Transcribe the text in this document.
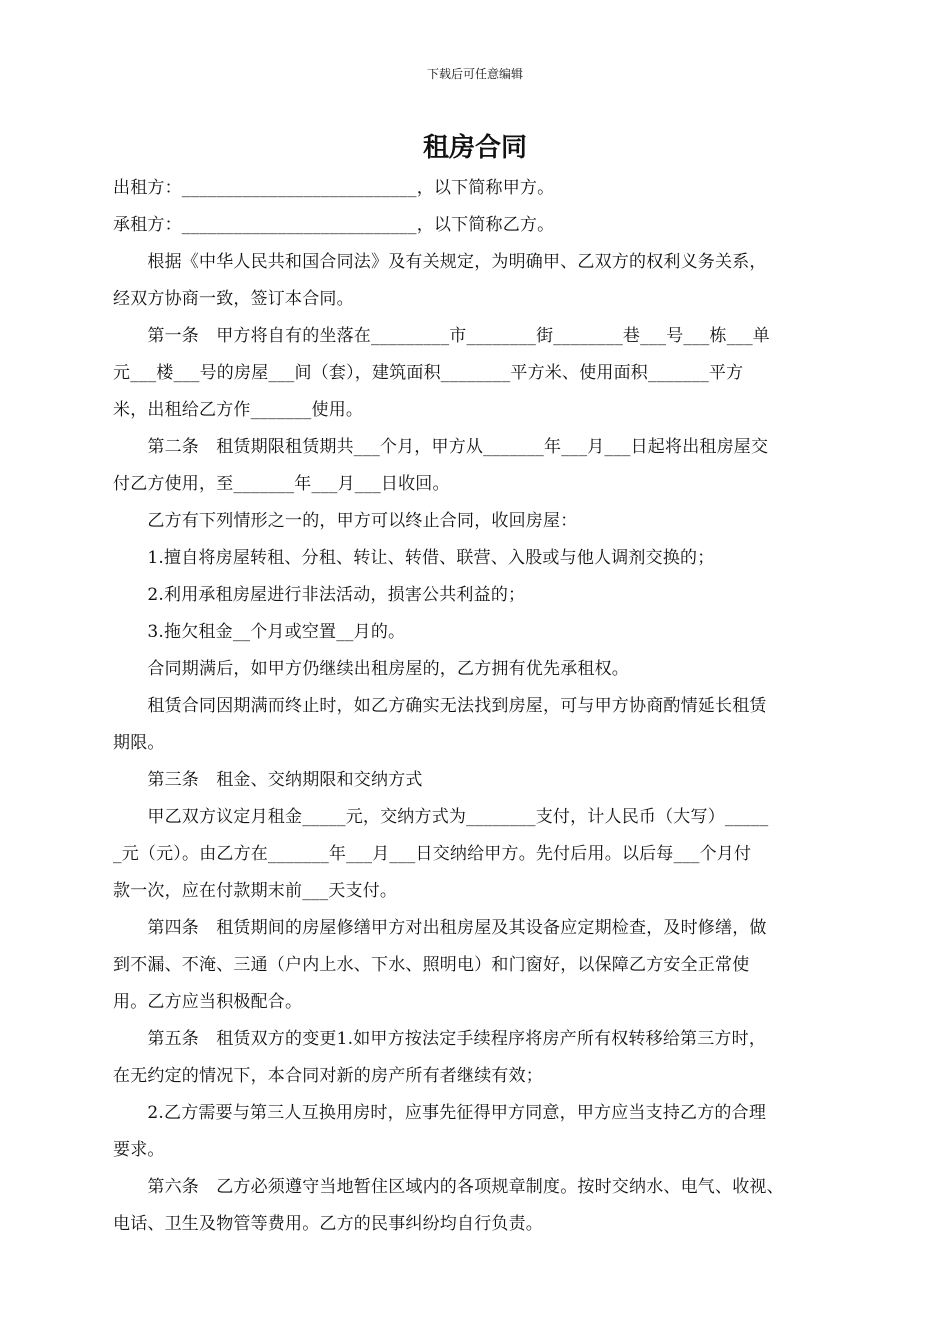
下载后可任意编辑
租房合同
出租方：___________________________，以下简称甲方。
承租方：___________________________，以下简称乙方。
　　根据《中华人民共和国合同法》及有关规定，为明确甲、乙双方的权利义务关系，
经双方协商一致，签订本合同。
　　第一条　甲方将自有的坐落在_________市________街________巷___号___栋___单
元___楼___号的房屋___间（套），建筑面积________平方米、使用面积_______平方
米，出租给乙方作_______使用。
　　第二条　租赁期限租赁期共___个月，甲方从_______年___月___日起将出租房屋交
付乙方使用，至_______年___月___日收回。
　　乙方有下列情形之一的，甲方可以终止合同，收回房屋：
　　1.擅自将房屋转租、分租、转让、转借、联营、入股或与他人调剂交换的；
　　2.利用承租房屋进行非法活动，损害公共利益的；
　　3.拖欠租金__个月或空置__月的。
　　合同期满后，如甲方仍继续出租房屋的，乙方拥有优先承租权。
　　租赁合同因期满而终止时，如乙方确实无法找到房屋，可与甲方协商酌情延长租赁
期限。
　　第三条　租金、交纳期限和交纳方式
　　甲乙双方议定月租金_____元，交纳方式为________支付，计人民币（大写）_____
_元（元）。由乙方在_______年___月___日交纳给甲方。先付后用。以后每___个月付
款一次，应在付款期末前___天支付。
　　第四条　租赁期间的房屋修缮甲方对出租房屋及其设备应定期检查，及时修缮，做
到不漏、不淹、三通（户内上水、下水、照明电）和门窗好，以保障乙方安全正常使
用。乙方应当积极配合。
　　第五条　租赁双方的变更1.如甲方按法定手续程序将房产所有权转移给第三方时，
在无约定的情况下，本合同对新的房产所有者继续有效；
　　2.乙方需要与第三人互换用房时，应事先征得甲方同意，甲方应当支持乙方的合理
要求。
　　第六条　乙方必须遵守当地暂住区域内的各项规章制度。按时交纳水、电气、收视、
电话、卫生及物管等费用。乙方的民事纠纷均自行负责。
